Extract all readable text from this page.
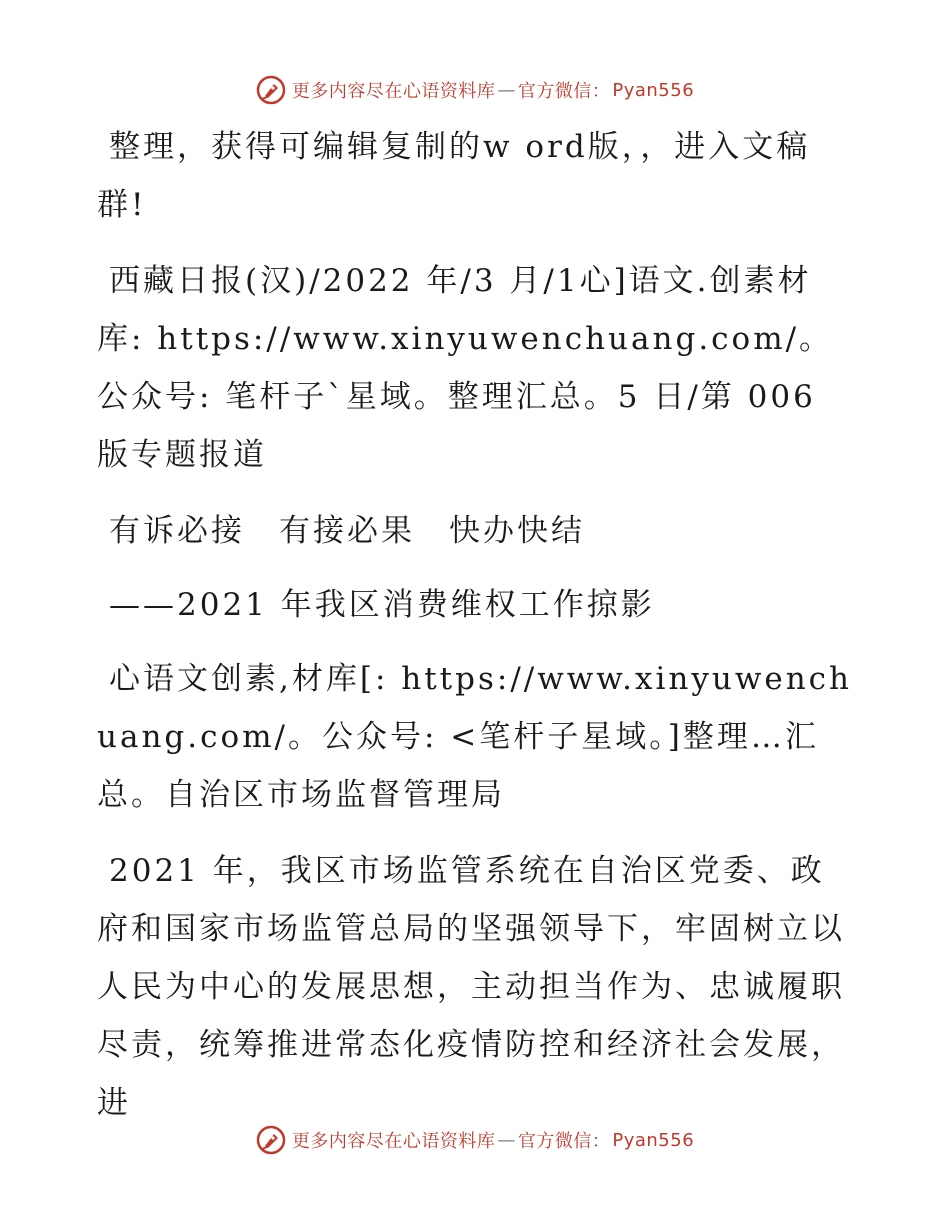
更多内容尽在心语资料库 — 官方微信： Pyan556

整理，获得可编辑复制的w ord版，，进入文稿群!

西藏日报(汉)/2022 年/3 月/1心]语文.创素材库: https://www.xinyuwenchuang.com/。公众号: 笔杆子`星域。整理汇总。5 日/第 006 版专题报道

有诉必接　有接必果　快办快结

——2021 年我区消费维权工作掠影

心语文创素,材库[: https://www.xinyuwenchuang.com/。公众号: <笔杆子星域。]整理…汇总。自治区市场监督管理局

2021 年，我区市场监管系统在自治区党委、政府和国家市场监管总局的坚强领导下，牢固树立以人民为中心的发展思想，主动担当作为、忠诚履职尽责，统筹推进常态化疫情防控和经济社会发展，进

更多内容尽在心语资料库 — 官方微信： Pyan556
